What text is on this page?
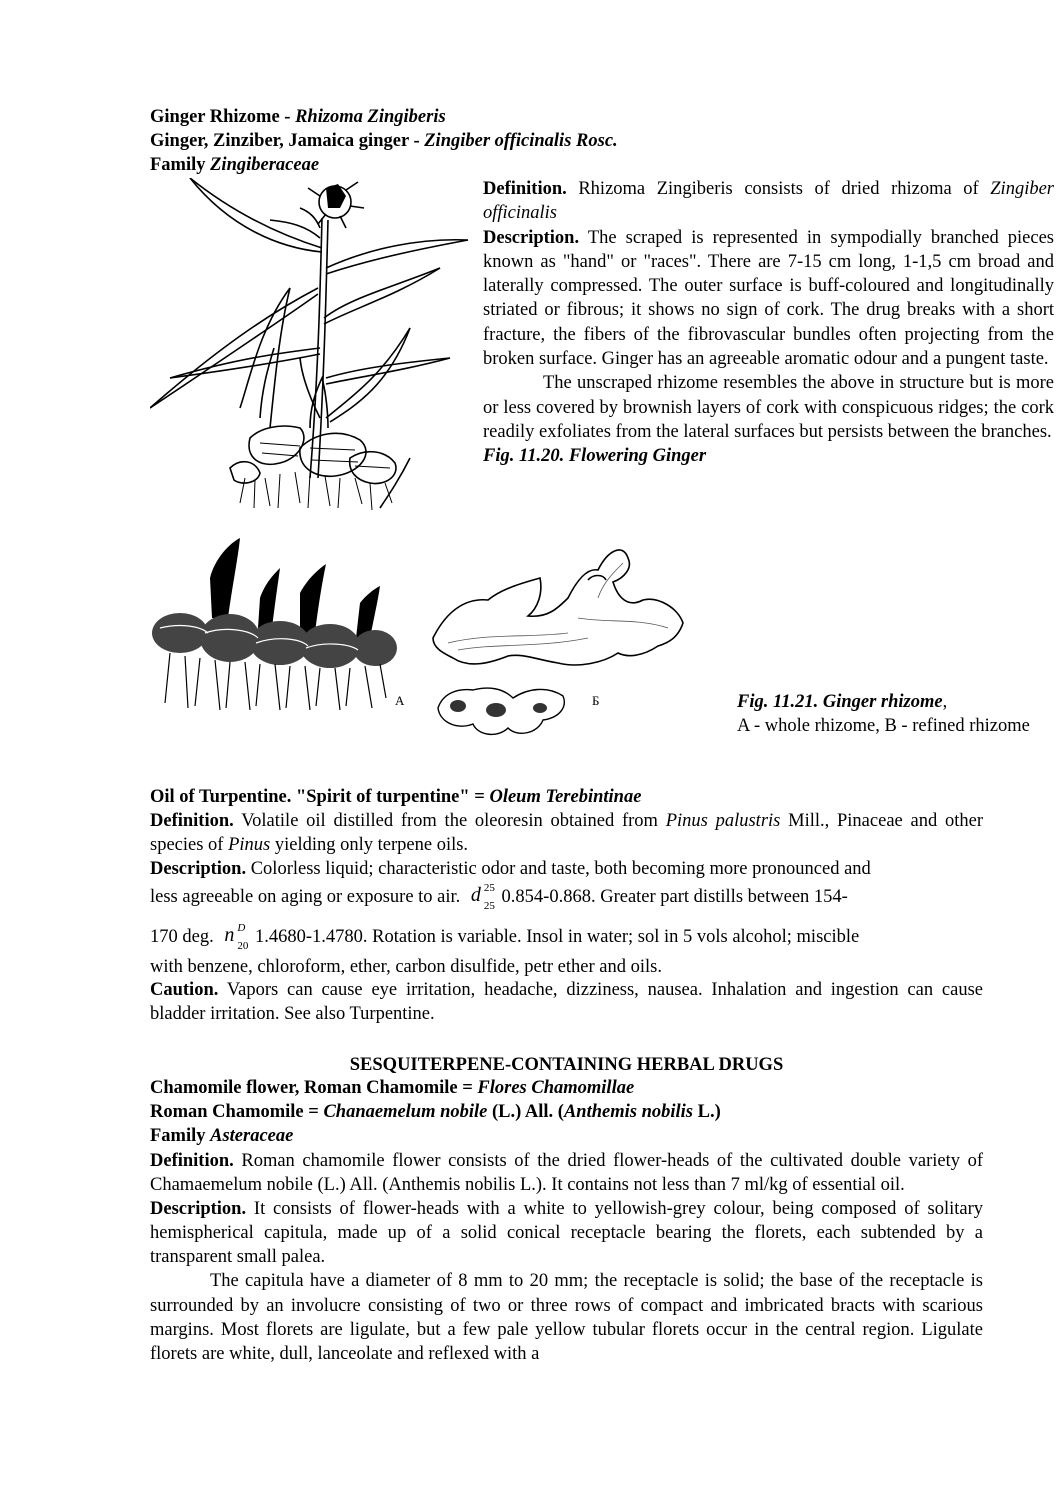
Ginger Rhizome - Rhizoma Zingiberis
Ginger, Zinziber, Jamaica ginger - Zingiber officinalis Rosc.
Family Zingiberaceae

Definition. Rhizoma Zingiberis consists of dried rhizoma of Zingiber officinalis

Description. The scraped is represented in sympodially branched pieces known as "hand" or "races". There are 7-15 cm long, 1-1,5 cm broad and laterally compressed. The outer surface is buff-coloured and longitudinally striated or fibrous; it shows no sign of cork. The drug breaks with a short fracture, the fibers of the fibrovascular bundles often projecting from the broken surface. Ginger has an agreeable aromatic odour and a pungent taste.

The unscraped rhizome resembles the above in structure but is more or less covered by brownish layers of cork with conspicuous ridges; the cork readily exfoliates from the lateral surfaces but persists between the branches.

Fig. 11.20. Flowering Ginger

A	Б	Fig. 11.21. Ginger rhizome,

A - whole rhizome, B - refined rhizome

Oil of Turpentine. "Spirit of turpentine" = Oleum Terebintinae

Definition. Volatile oil distilled from the oleoresin obtained from Pinus palustris Mill., Pinaceae and other species of Pinus yielding only terpene oils.

Description. Colorless liquid; characteristic odor and taste, both becoming more pronounced and
less agreeable on aging or exposure to air. d 25
25 0.854-0.868. Greater part distills between 154-
170 deg. n D
20 1.4680-1.4780. Rotation is variable. Insol in water; sol in 5 vols alcohol; miscible
with benzene, chloroform, ether, carbon disulfide, petr ether and oils.

Caution. Vapors can cause eye irritation, headache, dizziness, nausea. Inhalation and ingestion can cause bladder irritation. See also Turpentine.

SESQUITERPENE-CONTAINING HERBAL DRUGS
Chamomile flower, Roman Chamomile = Flores Chamomillae
Roman Chamomile = Chanaemelum nobile (L.) All. (Anthemis nobilis L.)
Family Asteraceae

Definition. Roman chamomile flower consists of the dried flower-heads of the cultivated double variety of Chamaemelum nobile (L.) All. (Anthemis nobilis L.). It contains not less than 7 ml/kg of essential oil.

Description. It consists of flower-heads with a white to yellowish-grey colour, being composed of solitary hemispherical capitula, made up of a solid conical receptacle bearing the florets, each subtended by a transparent small palea.

The capitula have a diameter of 8 mm to 20 mm; the receptacle is solid; the base of the receptacle is surrounded by an involucre consisting of two or three rows of compact and imbricated bracts with scarious margins. Most florets are ligulate, but a few pale yellow tubular florets occur in the central region. Ligulate florets are white, dull, lanceolate and reflexed with a
